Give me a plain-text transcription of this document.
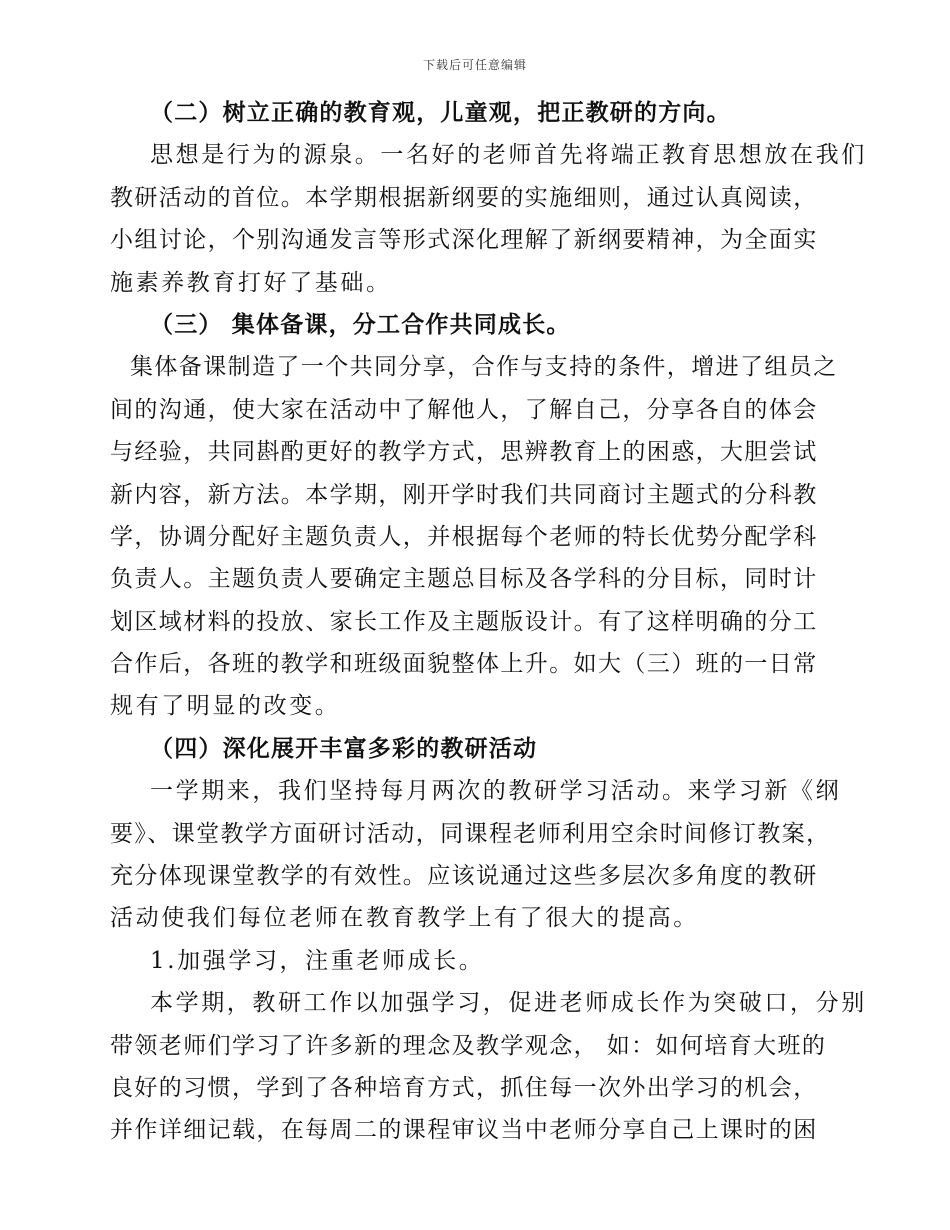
下载后可任意编辑
（二）树立正确的教育观，儿童观，把正教研的方向。
思想是行为的源泉。一名好的老师首先将端正教育思想放在我们
教研活动的首位。本学期根据新纲要的实施细则，通过认真阅读，
小组讨论，个别沟通发言等形式深化理解了新纲要精神，为全面实
施素养教育打好了基础。
（三） 集体备课，分工合作共同成长。
集体备课制造了一个共同分享，合作与支持的条件，增进了组员之
间的沟通，使大家在活动中了解他人，了解自己，分享各自的体会
与经验，共同斟酌更好的教学方式，思辨教育上的困惑，大胆尝试
新内容，新方法。本学期，刚开学时我们共同商讨主题式的分科教
学，协调分配好主题负责人，并根据每个老师的特长优势分配学科
负责人。主题负责人要确定主题总目标及各学科的分目标，同时计
划区域材料的投放、家长工作及主题版设计。有了这样明确的分工
合作后，各班的教学和班级面貌整体上升。如大（三）班的一日常
规有了明显的改变。
（四）深化展开丰富多彩的教研活动
一学期来，我们坚持每月两次的教研学习活动。来学习新《纲
要》、课堂教学方面研讨活动，同课程老师利用空余时间修订教案，
充分体现课堂教学的有效性。应该说通过这些多层次多角度的教研
活动使我们每位老师在教育教学上有了很大的提高。
1.加强学习，注重老师成长。
本学期，教研工作以加强学习，促进老师成长作为突破口，分别
带领老师们学习了许多新的理念及教学观念， 如：如何培育大班的
良好的习惯，学到了各种培育方式，抓住每一次外出学习的机会，
并作详细记载，在每周二的课程审议当中老师分享自己上课时的困
